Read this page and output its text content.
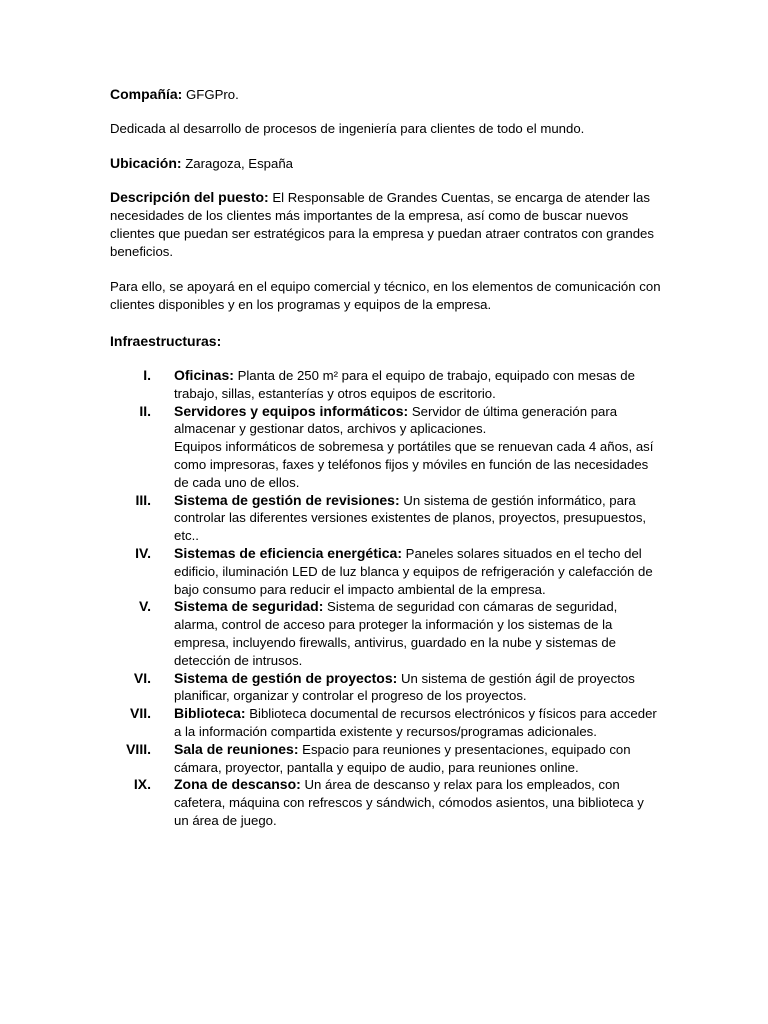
Compañía: GFGPro.

Dedicada al desarrollo de procesos de ingeniería para clientes de todo el mundo.

Ubicación: Zaragoza, España

Descripción del puesto: El Responsable de Grandes Cuentas, se encarga de atender las necesidades de los clientes más importantes de la empresa, así como de buscar nuevos clientes que puedan ser estratégicos para la empresa y puedan atraer contratos con grandes beneficios.

Para ello, se apoyará en el equipo comercial y técnico, en los elementos de comunicación con clientes disponibles y en los programas y equipos de la empresa.

Infraestructuras:

I. Oficinas: Planta de 250 m² para el equipo de trabajo, equipado con mesas de trabajo, sillas, estanterías y otros equipos de escritorio.
II. Servidores y equipos informáticos: Servidor de última generación para almacenar y gestionar datos, archivos y aplicaciones.
Equipos informáticos de sobremesa y portátiles que se renuevan cada 4 años, así como impresoras, faxes y teléfonos fijos y móviles en función de las necesidades de cada uno de ellos.
III. Sistema de gestión de revisiones: Un sistema de gestión informático, para controlar las diferentes versiones existentes de planos, proyectos, presupuestos, etc..
IV. Sistemas de eficiencia energética: Paneles solares situados en el techo del edificio, iluminación LED de luz blanca y equipos de refrigeración y calefacción de bajo consumo para reducir el impacto ambiental de la empresa.
V. Sistema de seguridad: Sistema de seguridad con cámaras de seguridad, alarma, control de acceso para proteger la información y los sistemas de la empresa, incluyendo firewalls, antivirus, guardado en la nube y sistemas de detección de intrusos.
VI. Sistema de gestión de proyectos: Un sistema de gestión ágil de proyectos planificar, organizar y controlar el progreso de los proyectos.
VII. Biblioteca: Biblioteca documental de recursos electrónicos y físicos para acceder a la información compartida existente y recursos/programas adicionales.
VIII. Sala de reuniones: Espacio para reuniones y presentaciones, equipado con cámara, proyector, pantalla y equipo de audio, para reuniones online.
IX. Zona de descanso: Un área de descanso y relax para los empleados, con cafetera, máquina con refrescos y sándwich, cómodos asientos, una biblioteca y un área de juego.
